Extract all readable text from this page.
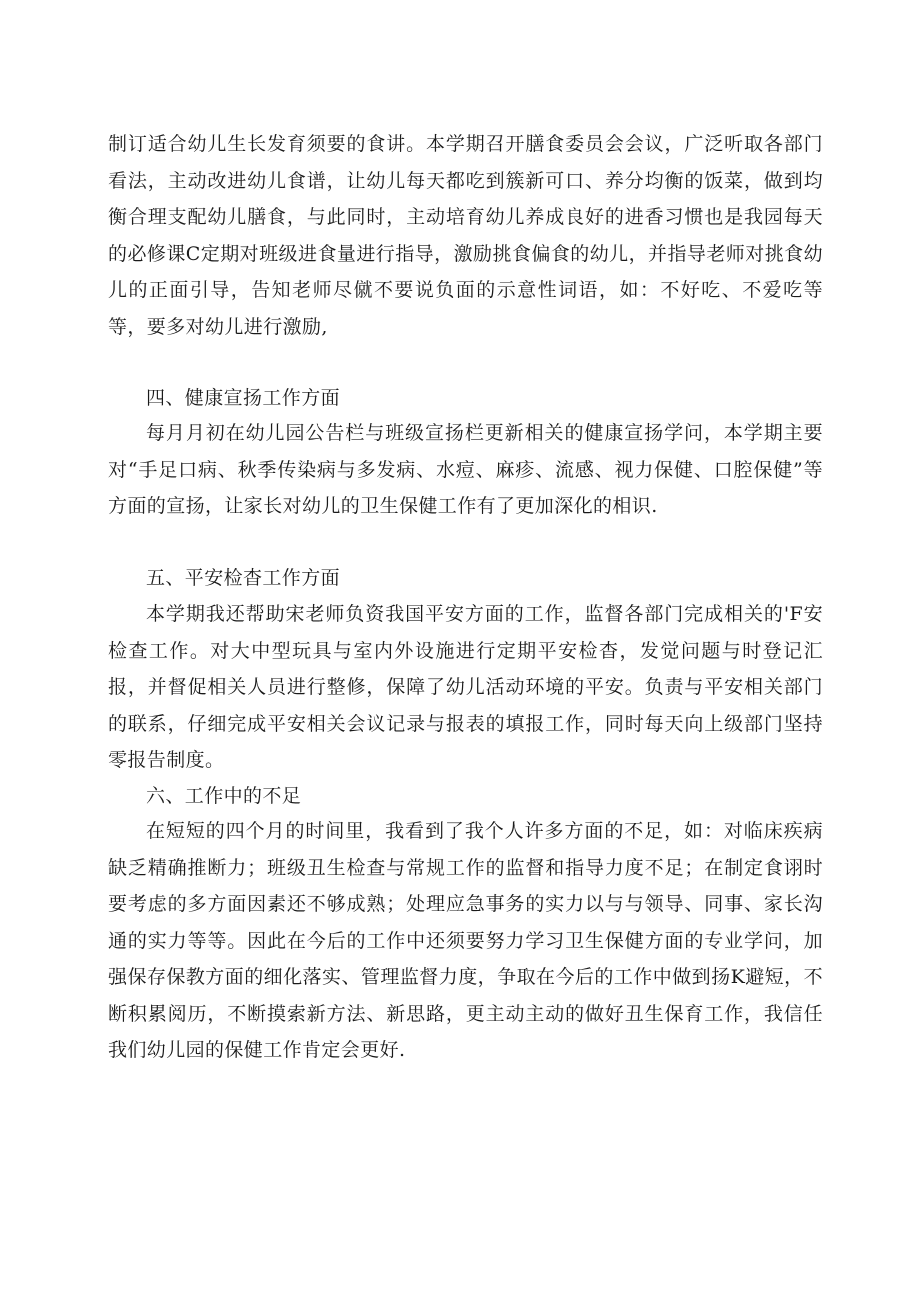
制订适合幼儿生长发育须要的食讲。本学期召开膳食委员会会议，广泛听取各部门看法，主动改进幼儿食谱，让幼儿每天都吃到簇新可口、养分均衡的饭菜，做到均衡合理支配幼儿膳食，与此同时，主动培育幼儿养成良好的进香习惯也是我园每天的必修课C定期对班级进食量进行指导，激励挑食偏食的幼儿，并指导老师对挑食幼儿的正面引导，告知老师尽僦不要说负面的示意性词语，如：不好吃、不爱吃等等，要多对幼儿进行激励,

四、健康宣扬工作方面

每月月初在幼儿园公告栏与班级宣扬栏更新相关的健康宣扬学问，本学期主要对“手足口病、秋季传染病与多发病、水痘、麻疹、流感、视力保健、口腔保健”等方面的宣扬，让家长对幼儿的卫生保健工作有了更加深化的相识.

五、平安检杳工作方面

本学期我还帮助宋老师负资我国平安方面的工作，监督各部门完成相关的'F安检查工作。对大中型玩具与室内外设施进行定期平安检杳，发觉问题与时登记汇报，并督促相关人员进行整修，保障了幼儿活动环境的平安。负责与平安相关部门的联系，仔细完成平安相关会议记录与报表的填报工作，同时每天向上级部门坚持零报告制度。

六、工作中的不足

在短短的四个月的时间里，我看到了我个人许多方面的不足，如：对临床疾病缺乏精确推断力；班级丑生检查与常规工作的监督和指导力度不足；在制定食诩时要考虑的多方面因素还不够成熟；处理应急事务的实力以与与领导、同事、家长沟通的实力等等。因此在今后的工作中还须要努力学习卫生保健方面的专业学问，加强保存保教方面的细化落实、管理监督力度，争取在今后的工作中做到扬K避短，不断积累阅历，不断摸索新方法、新思路，更主动主动的做好丑生保育工作，我信任我们幼儿园的保健工作肯定会更好.
